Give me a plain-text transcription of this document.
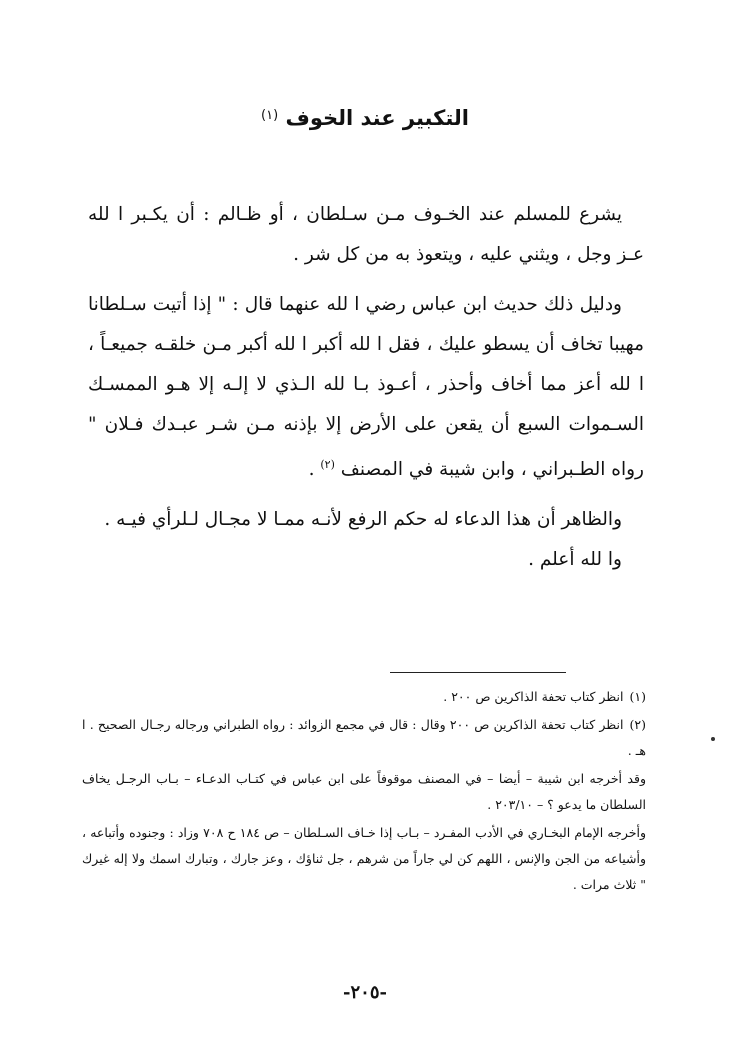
التكبير عند الخوف $^{(١)}$

يشرع للمسلم عند الخـوف مـن سـلطان ، أو ظـالم : أن يكـبر ا لله عـز وجل ، ويثني عليه ، ويتعوذ به من كل شر .

ودليل ذلك حديث ابن عباس رضي ا لله عنهما قال : " إذا أتيت سـلطانا مهيبا تخاف أن يسطو عليك ، فقل ا لله أكبر ا لله أكبر مـن خلقـه جميعـاً ، ا لله أعز مما أخاف وأحذر ، أعـوذ بـا لله الـذي لا إلـه إلا هـو الممسـك السـموات السبع أن يقعن على الأرض إلا بإذنه مـن شـر عبـدك فـلان " رواه الطـبراني ، وابن شيبة في المصنف $^{(٢)}$ .

والظاهر أن هذا الدعاء له حكم الرفع لأنـه ممـا لا مجـال لـلرأي فيـه .

وا لله أعلم .

(١)انظر كتاب تحفة الذاكرين ص ٢٠٠ .

(٢)انظر كتاب تحفة الذاكرين ص ٢٠٠ وقال : قال في مجمع الزوائد : رواه الطبراني ورجاله رجـال الصحيح . ا هـ .

وقد أخرجه ابن شيبة – أيضا – في المصنف موقوفاً على ابن عباس في كتـاب الدعـاء – بـاب الرجـل يخاف السلطان ما يدعو ؟ – ٢٠٣/١٠ .

وأخرجه الإمام البخـاري في الأدب المفـرد – بـاب إذا خـاف السـلطان – ص ١٨٤ ح ٧٠٨ وزاد : وجنوده وأتباعه ، وأشياعه من الجن والإنس ، اللهم كن لي جاراً من شرهم ، جل ثناؤك ، وعز جارك ، وتبارك اسمك ولا إله غيرك " ثلاث مرات .

-٢٠٥-
